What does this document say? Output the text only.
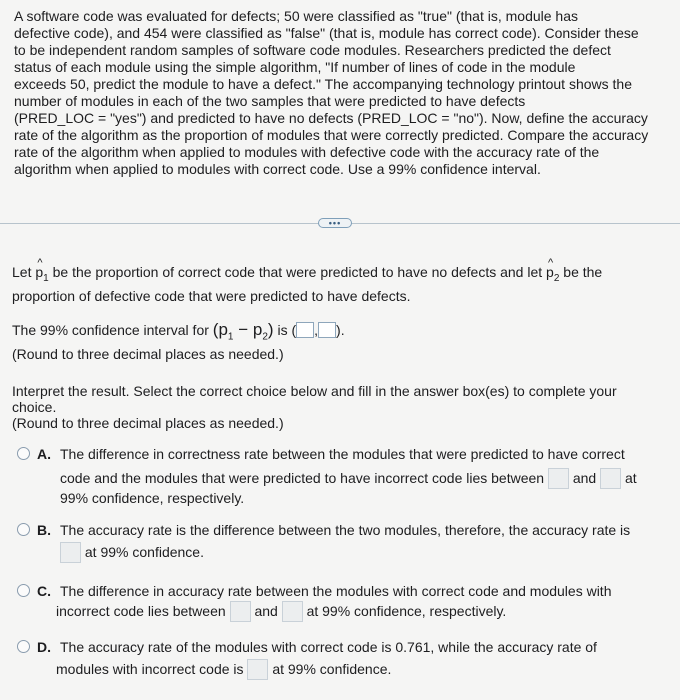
A software code was evaluated for defects; 50 were classified as "true" (that is, module has
defective code), and 454 were classified as "false" (that is, module has correct code). Consider these
to be independent random samples of software code modules. Researchers predicted the defect
status of each module using the simple algorithm, "If number of lines of code in the module
exceeds 50, predict the module to have a defect." The accompanying technology printout shows the
number of modules in each of the two samples that were predicted to have defects
(PRED_LOC = "yes") and predicted to have no defects (PRED_LOC = "no"). Now, define the accuracy
rate of the algorithm as the proportion of modules that were correctly predicted. Compare the accuracy
rate of the algorithm when applied to modules with defective code with the accuracy rate of the
algorithm when applied to modules with correct code. Use a 99% confidence interval.
•••
Let ^ $p_1$ be the proportion of correct code that were predicted to have no defects and let ^ $p_2$ be the
proportion of defective code that were predicted to have defects.
The 99% confidence interval for $(p_1 - p_2)$ is ( , ).
(Round to three decimal places as needed.)
Interpret the result. Select the correct choice below and fill in the answer box(es) to complete your
choice.
(Round to three decimal places as needed.)
A. The difference in correctness rate between the modules that were predicted to have correct
code and the modules that were predicted to have incorrect code lies between and at
99% confidence, respectively.
B. The accuracy rate is the difference between the two modules, therefore, the accuracy rate is
at 99% confidence.
C. The difference in accuracy rate between the modules with correct code and modules with
incorrect code lies between and at 99% confidence, respectively.
D. The accuracy rate of the modules with correct code is 0.761, while the accuracy rate of
modules with incorrect code is at 99% confidence.
